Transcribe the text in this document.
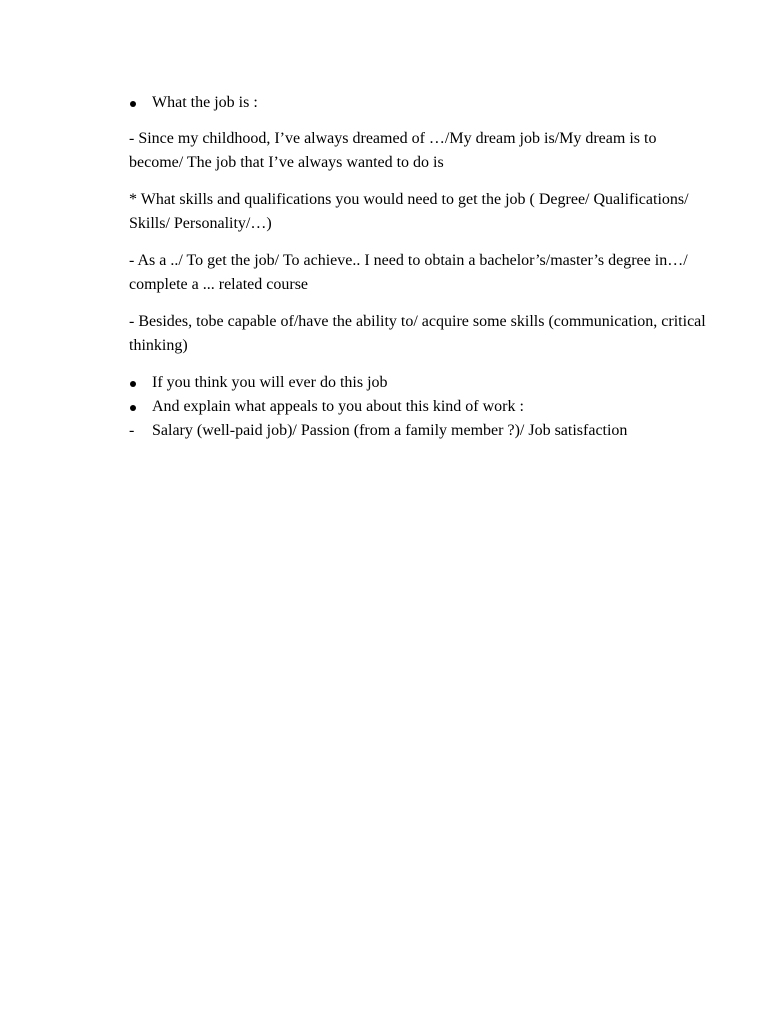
What the job is :

- Since my childhood, I’ve always dreamed of …/My dream job is/My dream is to become/ The job that I’ve always wanted to do is

* What skills and qualifications you would need to get the job ( Degree/ Qualifications/ Skills/ Personality/…)

- As a ../ To get the job/ To achieve.. I need to obtain a bachelor’s/master’s degree in…/ complete a ... related course

- Besides, tobe capable of/have the ability to/ acquire some skills (communication, critical thinking)

If you think you will ever do this job
And explain what appeals to you about this kind of work :
-	Salary (well-paid job)/ Passion (from a family member ?)/ Job satisfaction
